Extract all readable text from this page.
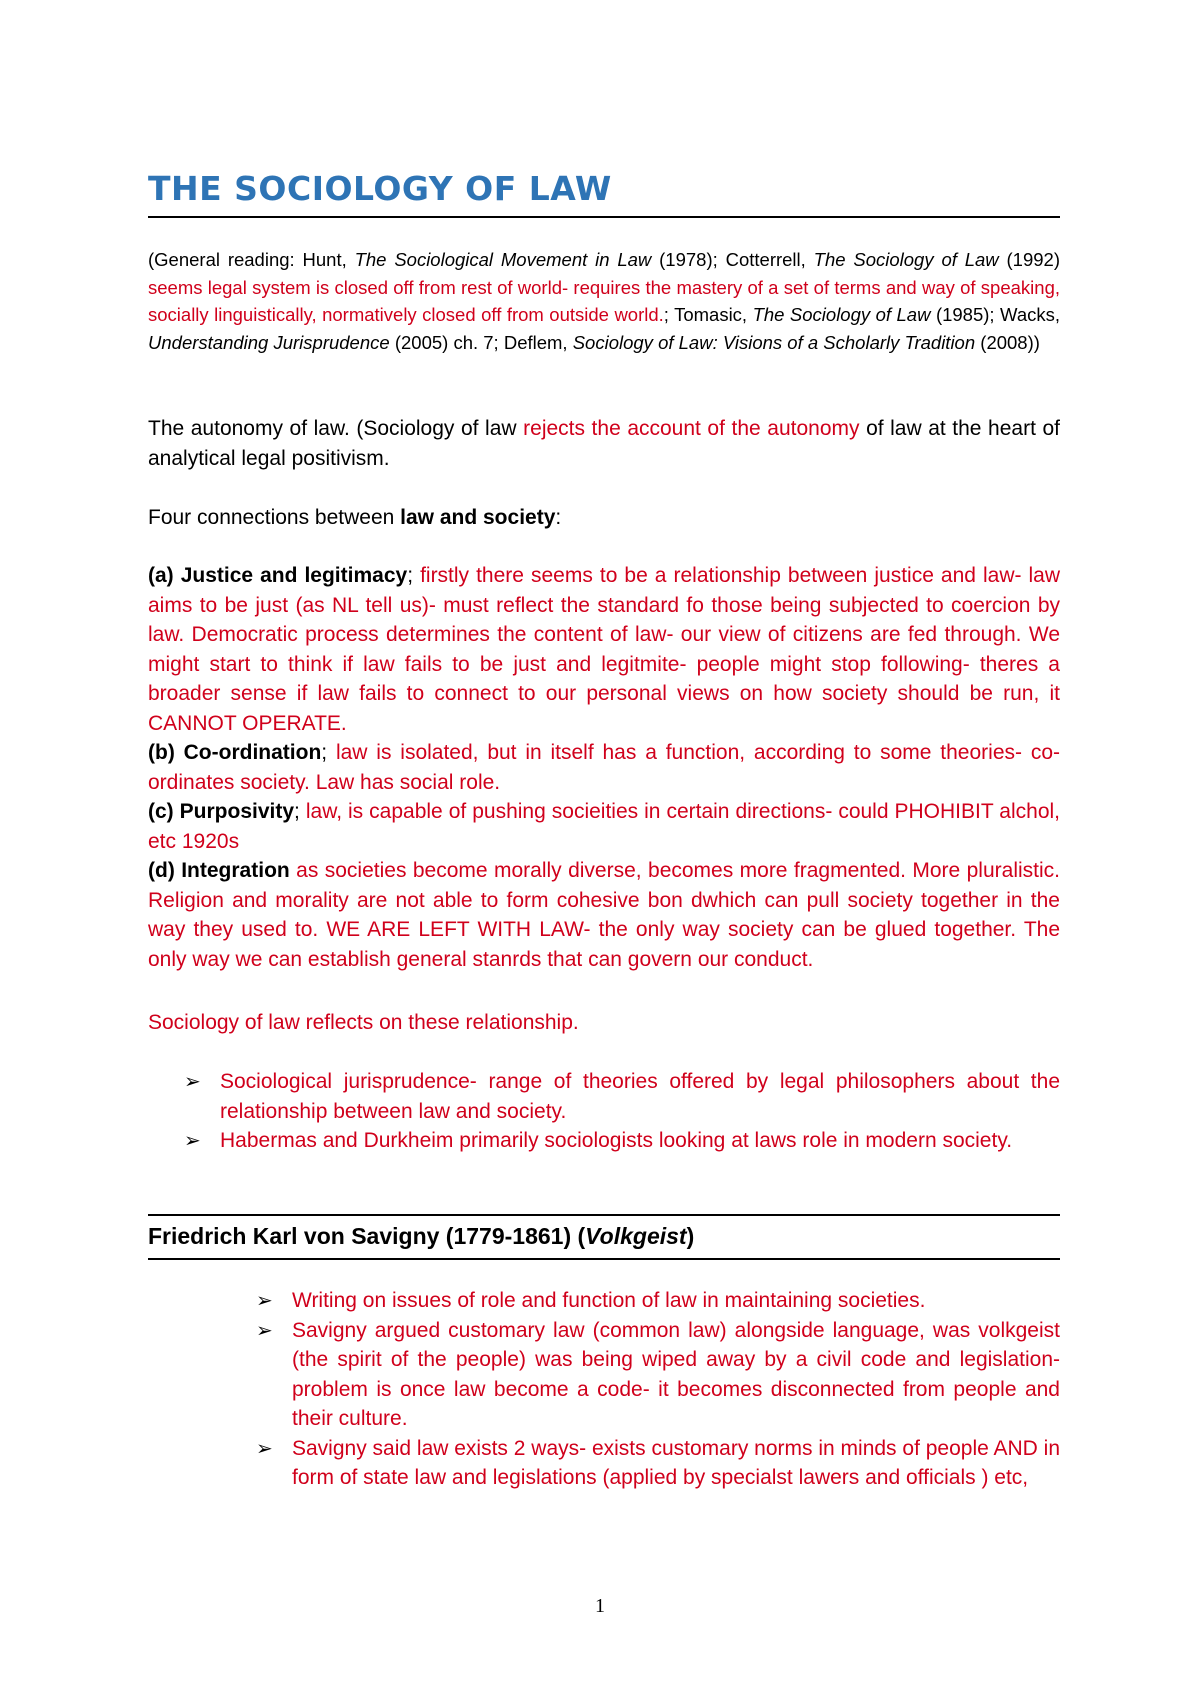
THE SOCIOLOGY OF LAW
(General reading: Hunt, The Sociological Movement in Law (1978); Cotterrell, The Sociology of Law (1992) seems legal system is closed off from rest of world- requires the mastery of a set of terms and way of speaking, socially linguistically, normatively closed off from outside world.; Tomasic, The Sociology of Law (1985); Wacks, Understanding Jurisprudence (2005) ch. 7; Deflem, Sociology of Law: Visions of a Scholarly Tradition (2008))
The autonomy of law. (Sociology of law rejects the account of the autonomy of law at the heart of analytical legal positivism.
Four connections between law and society:
(a) Justice and legitimacy; firstly there seems to be a relationship between justice and law- law aims to be just (as NL tell us)- must reflect the standard fo those being subjected to coercion by law. Democratic process determines the content of law- our view of citizens are fed through. We might start to think if law fails to be just and legitmite- people might stop following- theres a broader sense if law fails to connect to our personal views on how society should be run, it CANNOT OPERATE.
(b) Co-ordination; law is isolated, but in itself has a function, according to some theories- co-ordinates society. Law has social role.
(c) Purposivity; law, is capable of pushing socieities in certain directions- could PHOHIBIT alchol, etc 1920s
(d) Integration as societies become morally diverse, becomes more fragmented. More pluralistic. Religion and morality are not able to form cohesive bon dwhich can pull society together in the way they used to. WE ARE LEFT WITH LAW- the only way society can be glued together. The only way we can establish general stanrds that can govern our conduct.
Sociology of law reflects on these relationship.
➢ Sociological jurisprudence- range of theories offered by legal philosophers about the relationship between law and society.
➢ Habermas and Durkheim primarily sociologists looking at laws role in modern society.
Friedrich Karl von Savigny (1779-1861) (Volkgeist)
➢ Writing on issues of role and function of law in maintaining societies.
➢ Savigny argued customary law (common law) alongside language, was volkgeist (the spirit of the people) was being wiped away by a civil code and legislation- problem is once law become a code- it becomes disconnected from people and their culture.
➢ Savigny said law exists 2 ways- exists customary norms in minds of people AND in form of state law and legislations (applied by specialst lawers and officials ) etc,
1
